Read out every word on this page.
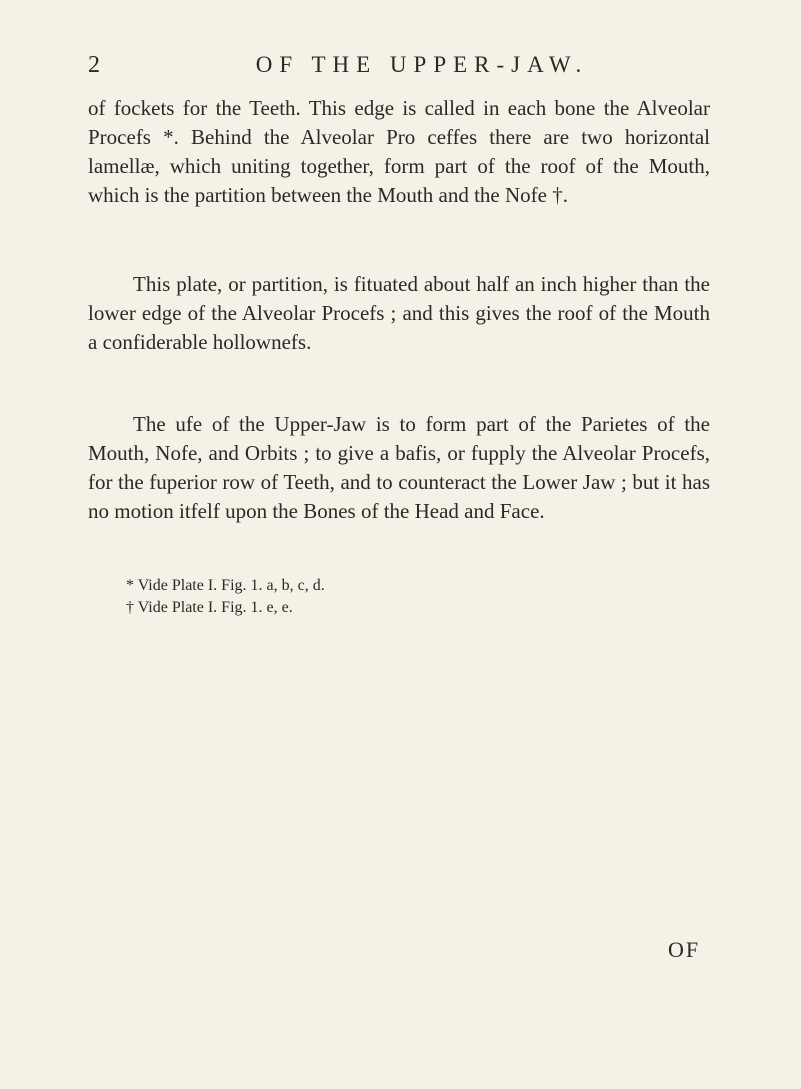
2	OF THE UPPER-JAW.

of fockets for the Teeth. This edge is called in each bone the Alveolar Procefs *. Behind the Alveolar Pro ceffes there are two horizontal lamellæ, which uniting together, form part of the roof of the Mouth, which is the partition between the Mouth and the Nofe †.

This plate, or partition, is fituated about half an inch higher than the lower edge of the Alveolar Procefs ; and this gives the roof of the Mouth a confiderable hollownefs.

The ufe of the Upper-Jaw is to form part of the Parietes of the Mouth, Nofe, and Orbits ; to give a bafis, or fupply the Alveolar Procefs, for the fuperior row of Teeth, and to counteract the Lower Jaw ; but it has no motion itfelf upon the Bones of the Head and Face.

* Vide Plate I. Fig. 1. a, b, c, d.

† Vide Plate I. Fig. 1. e, e.

OF
